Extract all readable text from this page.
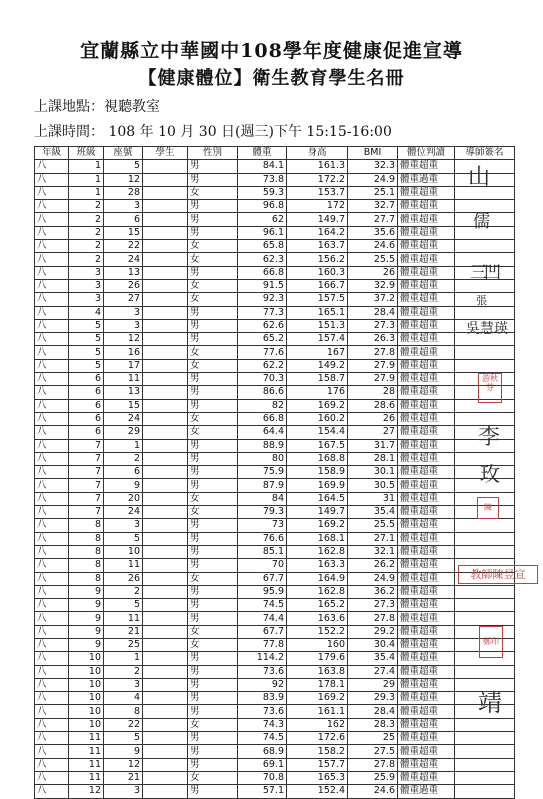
宜蘭縣立中華國中108學年度健康促進宣導
【健康體位】衛生教育學生名冊
上課地點：視聽教室
上課時間： 108 年 10 月 30 日(週三)下午 15:15-16:00
年級	班級	座號	學生	性別	體重	身高	BMI	體位判讀	導師簽名
八	1	5		男	84.1	161.3	32.3	體重超重	
八	1	12		男	73.8	172.2	24.9	體重過重	
八	1	28		女	59.3	153.7	25.1	體重超重	
八	2	3		男	96.8	172	32.7	體重超重	
八	2	6		男	62	149.7	27.7	體重超重	
八	2	15		男	96.1	164.2	35.6	體重超重	
八	2	22		女	65.8	163.7	24.6	體重超重	
八	2	24		女	62.3	156.2	25.5	體重超重	
八	3	13		男	66.8	160.3	26	體重超重	
八	3	26		女	91.5	166.7	32.9	體重超重	
八	3	27		女	92.3	157.5	37.2	體重超重	
八	4	3		男	77.3	165.1	28.4	體重超重	
八	5	3		男	62.6	151.3	27.3	體重超重	
八	5	12		男	65.2	157.4	26.3	體重超重	
八	5	16		女	77.6	167	27.8	體重超重	
八	5	17		女	62.2	149.2	27.9	體重超重	
八	6	11		男	70.3	158.7	27.9	體重超重	
八	6	13		男	86.6	176	28	體重超重	
八	6	15		男	82	169.2	28.6	體重超重	
八	6	24		女	66.8	160.2	26	體重超重	
八	6	29		女	64.4	154.4	27	體重超重	
八	7	1		男	88.9	167.5	31.7	體重超重	
八	7	2		男	80	168.8	28.1	體重超重	
八	7	6		男	75.9	158.9	30.1	體重超重	
八	7	9		男	87.9	169.9	30.5	體重超重	
八	7	20		女	84	164.5	31	體重超重	
八	7	24		女	79.3	149.7	35.4	體重超重	
八	8	3		男	73	169.2	25.5	體重超重	
八	8	5		男	76.6	168.1	27.1	體重超重	
八	8	10		男	85.1	162.8	32.1	體重超重	
八	8	11		男	70	163.3	26.2	體重超重	
八	8	26		女	67.7	164.9	24.9	體重超重	
八	9	2		男	95.9	162.8	36.2	體重超重	
八	9	5		男	74.5	165.2	27.3	體重超重	
八	9	11		男	74.4	163.6	27.8	體重超重	
八	9	21		女	67.7	152.2	29.2	體重超重	
八	9	25		女	77.8	160	30.4	體重超重	
八	10	1		男	114.2	179.6	35.4	體重超重	
八	10	2		男	73.6	163.8	27.4	體重超重	
八	10	3		男	92	178.1	29	體重超重	
八	10	4		男	83.9	169.2	29.3	體重超重	
八	10	8		男	73.6	161.1	28.4	體重超重	
八	10	22		女	74.3	162	28.3	體重超重	
八	11	5		男	74.5	172.6	25	體重超重	
八	11	9		男	68.9	158.2	27.5	體重超重	
八	11	12		男	69.1	157.7	27.8	體重超重	
八	11	21		女	70.8	165.3	25.9	體重超重	
八	12	3		男	57.1	152.4	24.6	體重過重	
山
儒
三凹
張
吳慧瑛
游秋芬
李
玫
陳
教師陳昱宣
鄭印
靖
